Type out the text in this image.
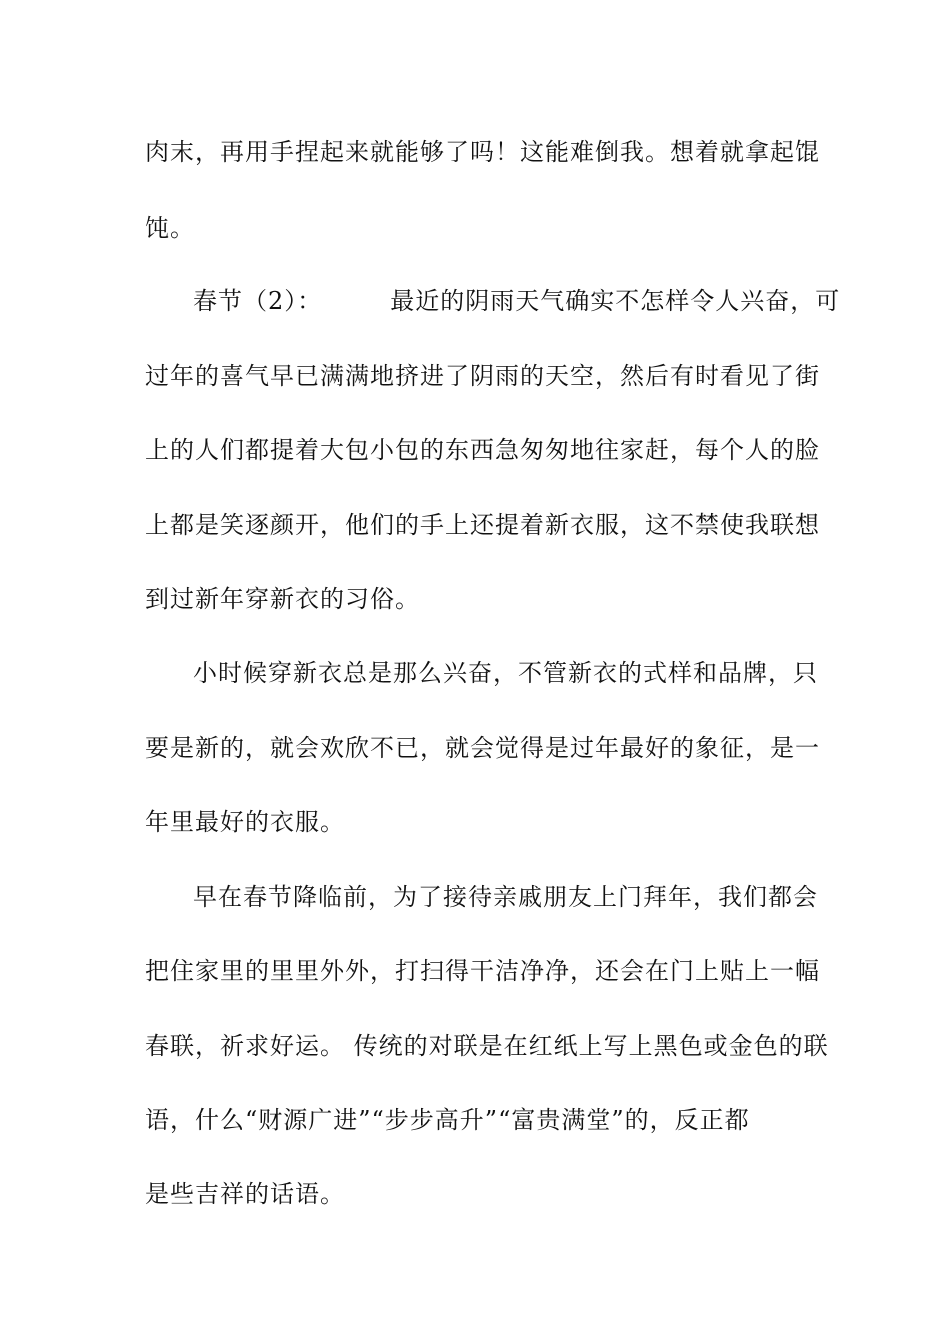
肉末，再用手捏起来就能够了吗！这能难倒我。想着就拿起馄
饨。
春节（2）：	最近的阴雨天气确实不怎样令人兴奋，可
过年的喜气早已满满地挤进了阴雨的天空，然后有时看见了街
上的人们都提着大包小包的东西急匆匆地往家赶，每个人的脸
上都是笑逐颜开，他们的手上还提着新衣服，这不禁使我联想
到过新年穿新衣的习俗。
小时候穿新衣总是那么兴奋，不管新衣的式样和品牌，只
要是新的，就会欢欣不已，就会觉得是过年最好的象征，是一
年里最好的衣服。
早在春节降临前，为了接待亲戚朋友上门拜年，我们都会
把住家里的里里外外，打扫得干洁净净，还会在门上贴上一幅
春联，祈求好运。 传统的对联是在红纸上写上黑色或金色的联
语，什么“财源广进”“步步高升”“富贵满堂”的，反正都
是些吉祥的话语。
